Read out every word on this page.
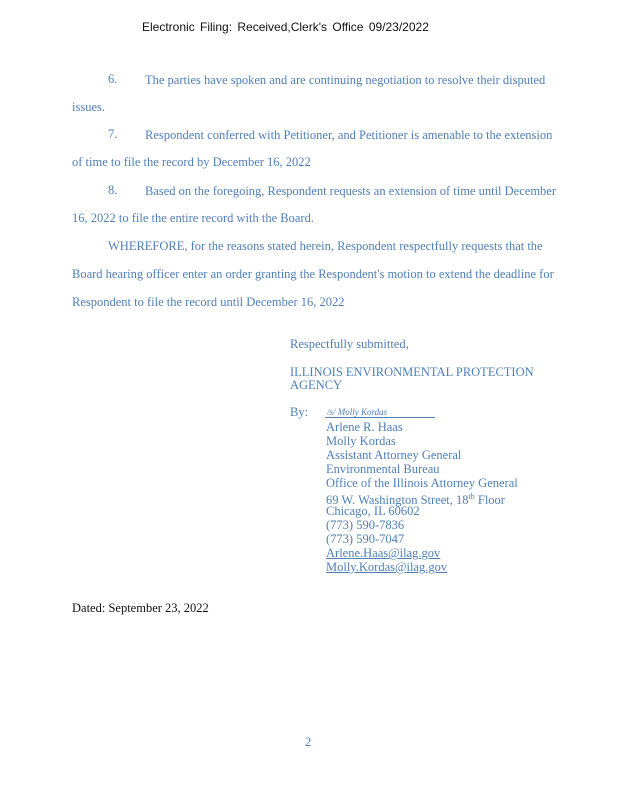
Electronic Filing: Received,Clerk's Office 09/23/2022
6. The parties have spoken and are continuing negotiation to resolve their disputed
issues.
7. Respondent conferred with Petitioner, and Petitioner is amenable to the extension
of time to file the record by December 16, 2022
8. Based on the foregoing, Respondent requests an extension of time until December
16, 2022 to file the entire record with the Board.
WHEREFORE, for the reasons stated herein, Respondent respectfully requests that the
Board hearing officer enter an order granting the Respondent's motion to extend the deadline for
Respondent to file the record until December 16, 2022
Respectfully submitted,
ILLINOIS ENVIRONMENTAL PROTECTION
AGENCY
By: /s/ Molly Kordas
Arlene R. Haas
Molly Kordas
Assistant Attorney General
Environmental Bureau
Office of the Illinois Attorney General
69 W. Washington Street, 18th Floor
Chicago, IL 60602
(773) 590-7836
(773) 590-7047
Arlene.Haas@ilag.gov
Molly.Kordas@ilag.gov
Dated: September 23, 2022
2
